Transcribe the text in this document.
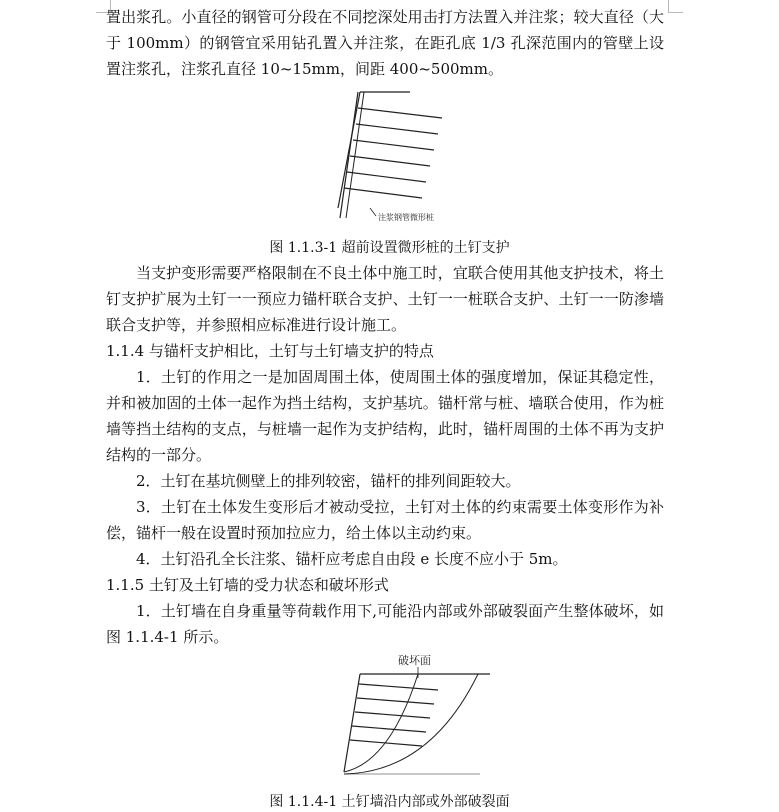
置出浆孔。小直径的钢管可分段在不同挖深处用击打方法置入并注浆；较大直径（大于 100mm）的钢管宜采用钻孔置入并注浆，在距孔底 1/3 孔深范围内的管壁上设置注浆孔，注浆孔直径 10~15mm，间距 400~500mm。

注浆钢管微形桩
图 1.1.3-1 超前设置微形桩的土钉支护

当支护变形需要严格限制在不良土体中施工时，宜联合使用其他支护技术，将土钉支护扩展为土钉一一预应力锚杆联合支护、土钉一一桩联合支护、土钉一一防渗墙联合支护等，并参照相应标准进行设计施工。

1.1.4 与锚杆支护相比，土钉与土钉墙支护的特点

1．土钉的作用之一是加固周围土体，使周围土体的强度增加，保证其稳定性，并和被加固的土体一起作为挡土结构，支护基坑。锚杆常与桩、墙联合使用，作为桩墙等挡土结构的支点，与桩墙一起作为支护结构，此时，锚杆周围的土体不再为支护结构的一部分。

2．土钉在基坑侧壁上的排列较密，锚杆的排列间距较大。

3．土钉在土体发生变形后才被动受拉，土钉对土体的约束需要土体变形作为补偿，锚杆一般在设置时预加拉应力，给土体以主动约束。

4．土钉沿孔全长注浆、锚杆应考虑自由段 e 长度不应小于 5m。

1.1.5 土钉及土钉墙的受力状态和破坏形式

1．土钉墙在自身重量等荷载作用下,可能沿内部或外部破裂面产生整体破坏，如图 1.1.4-1 所示。

破坏面
图 1.1.4-1 土钉墙沿内部或外部破裂面
